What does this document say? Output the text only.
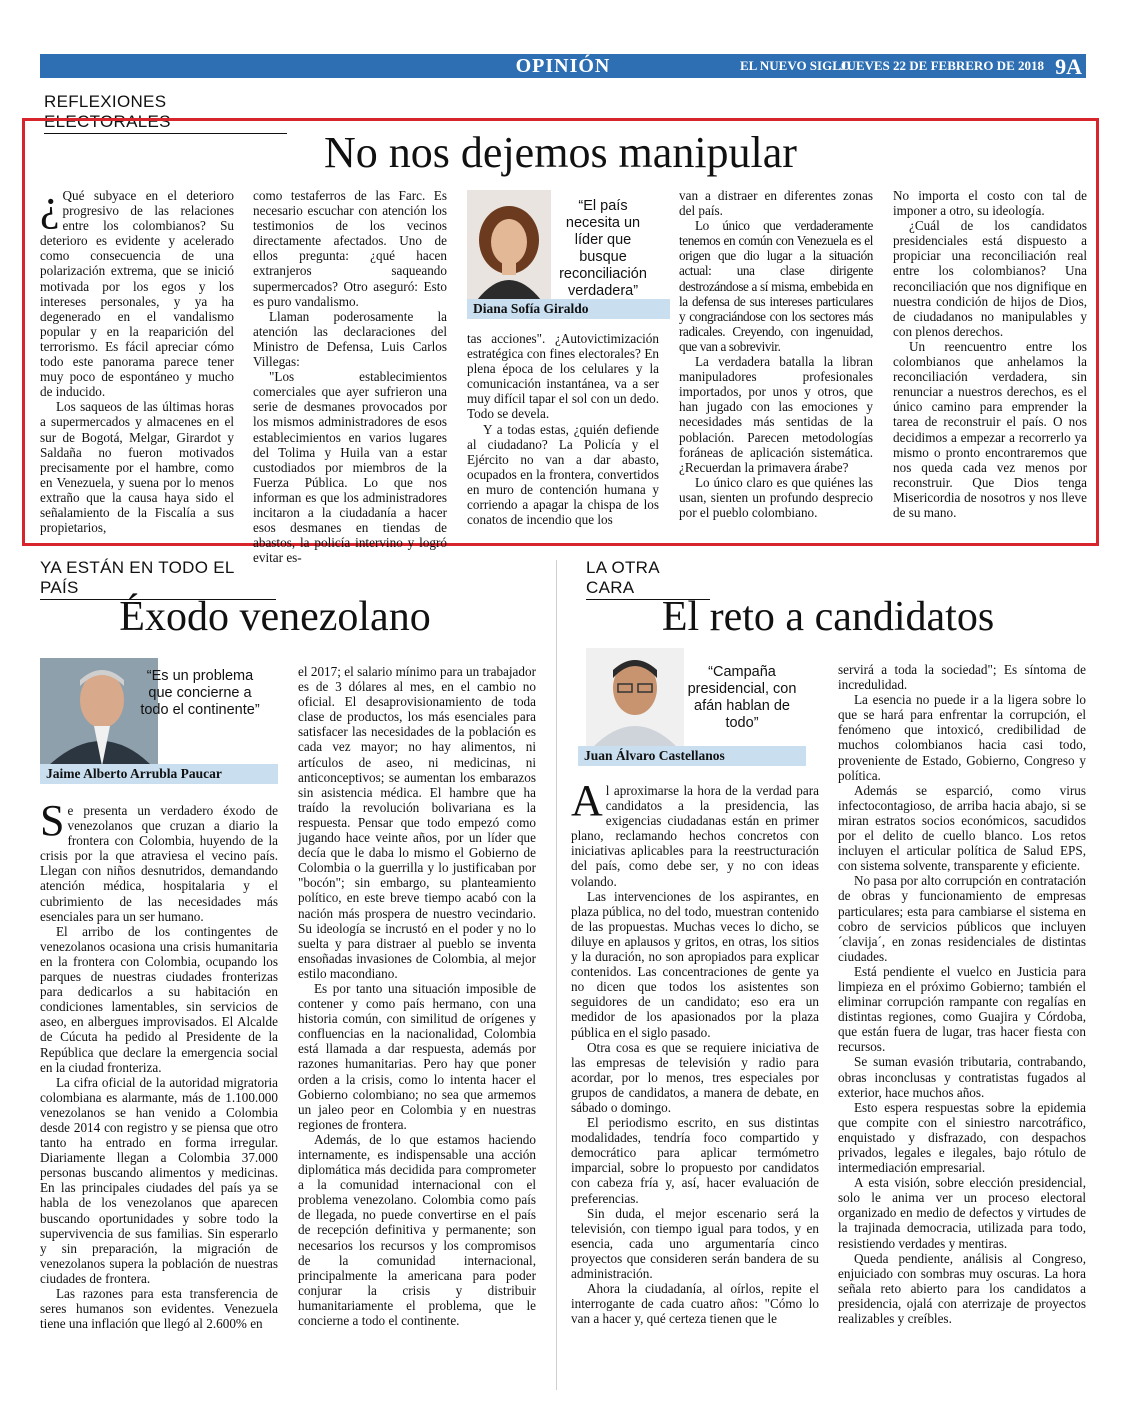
OPINIÓN	EL NUEVO SIGLO
JUEVES 22 DE FEBRERO DE 2018 9A
REFLEXIONES ELECTORALES
No nos dejemos manipular

¿ Qué subyace en el deterioro progresivo de las relaciones entre los colombianos? Su deterioro es evidente y acelerado como consecuencia de una polarización extrema, que se inició motivada por los egos y los intereses personales, y ya ha degenerado en el vandalismo popular y en la reaparición del terrorismo. Es fácil apreciar cómo todo este panorama parece tener muy poco de espontáneo y mucho de inducido.

Los saqueos de las últimas horas a supermercados y almacenes en el sur de Bogotá, Melgar, Girardot y Saldaña no fueron motivados precisamente por el hambre, como en Venezuela, y suena por lo menos extraño que la causa haya sido el señalamiento de la Fiscalía a sus propietarios,

como testaferros de las Farc. Es necesario escuchar con atención los testimonios de los vecinos directamente afectados. Uno de ellos pregunta: ¿qué hacen extranjeros saqueando supermercados? Otro aseguró: Esto es puro vandalismo.

Llaman poderosamente la atención las declaraciones del Ministro de Defensa, Luis Carlos Villegas:

"Los establecimientos comerciales que ayer sufrieron una serie de desmanes provocados por los mismos administradores de esos establecimientos en varios lugares del Tolima y Huila van a estar custodiados por miembros de la Fuerza Pública. Lo que nos informan es que los administradores incitaron a la ciudadanía a hacer esos desmanes en tiendas de abastos, la policía intervino y logró evitar es-

“El país necesita un líder que busque reconciliación verdadera”
Diana Sofía Giraldo

tas acciones". ¿Autovictimización estratégica con fines electorales? En plena época de los celulares y la comunicación instantánea, va a ser muy difícil tapar el sol con un dedo. Todo se devela.

Y a todas estas, ¿quién defiende al ciudadano? La Policía y el Ejército no van a dar abasto, ocupados en la frontera, convertidos en muro de contención humana y corriendo a apagar la chispa de los conatos de incendio que los

van a distraer en diferentes zonas del país.

Lo único que verdaderamente tenemos en común con Venezuela es el origen que dio lugar a la situación actual: una clase dirigente destrozándose a sí misma, embebida en la defensa de sus intereses particulares y congraciándose con los sectores más radicales. Creyendo, con ingenuidad, que van a sobrevivir.

La verdadera batalla la libran manipuladores profesionales importados, por unos y otros, que han jugado con las emociones y necesidades más sentidas de la población. Parecen metodologías foráneas de aplicación sistemática. ¿Recuerdan la primavera árabe?

Lo único claro es que quiénes las usan, sienten un profundo desprecio por el pueblo colombiano.

No importa el costo con tal de imponer a otro, su ideología.

¿Cuál de los candidatos presidenciales está dispuesto a propiciar una reconciliación real entre los colombianos? Una reconciliación que nos dignifique en nuestra condición de hijos de Dios, de ciudadanos no manipulables y con plenos derechos.

Un reencuentro entre los colombianos que anhelamos la reconciliación verdadera, sin renunciar a nuestros derechos, es el único camino para emprender la tarea de reconstruir el país. O nos decidimos a empezar a recorrerlo ya mismo o pronto encontraremos que nos queda cada vez menos por reconstruir. Que Dios tenga Misericordia de nosotros y nos lleve de su mano.

YA ESTÁN EN TODO EL PAÍS
Éxodo venezolano
“Es un problema que concierne a todo el continente”
Jaime Alberto Arrubla Paucar

Se presenta un verdadero éxodo de venezolanos que cruzan a diario la frontera con Colombia, huyendo de la crisis por la que atraviesa el vecino país. Llegan con niños desnutridos, demandando atención médica, hospitalaria y el cubrimiento de las necesidades más esenciales para un ser humano.

El arribo de los contingentes de venezolanos ocasiona una crisis humanitaria en la frontera con Colombia, ocupando los parques de nuestras ciudades fronterizas para dedicarlos a su habitación en condiciones lamentables, sin servicios de aseo, en albergues improvisados. El Alcalde de Cúcuta ha pedido al Presidente de la República que declare la emergencia social en la ciudad fronteriza.

La cifra oficial de la autoridad migratoria colombiana es alarmante, más de 1.100.000 venezolanos se han venido a Colombia desde 2014 con registro y se piensa que otro tanto ha entrado en forma irregular. Diariamente llegan a Colombia 37.000 personas buscando alimentos y medicinas. En las principales ciudades del país ya se habla de los venezolanos que aparecen buscando oportunidades y sobre todo la supervivencia de sus familias. Sin esperarlo y sin preparación, la migración de venezolanos supera la población de nuestras ciudades de frontera.

Las razones para esta transferencia de seres humanos son evidentes. Venezuela tiene una inflación que llegó al 2.600% en

el 2017; el salario mínimo para un trabajador es de 3 dólares al mes, en el cambio no oficial. El desaprovisionamiento de toda clase de productos, los más esenciales para satisfacer las necesidades de la población es cada vez mayor; no hay alimentos, ni artículos de aseo, ni medicinas, ni anticonceptivos; se aumentan los embarazos sin asistencia médica. El hambre que ha traído la revolución bolivariana es la respuesta. Pensar que todo empezó como jugando hace veinte años, por un líder que decía que le daba lo mismo el Gobierno de Colombia o la guerrilla y lo justificaban por "bocón"; sin embargo, su planteamiento político, en este breve tiempo acabó con la nación más prospera de nuestro vecindario. Su ideología se incrustó en el poder y no lo suelta y para distraer al pueblo se inventa ensoñadas invasiones de Colombia, al mejor estilo macondiano.

Es por tanto una situación imposible de contener y como país hermano, con una historia común, con similitud de orígenes y confluencias en la nacionalidad, Colombia está llamada a dar respuesta, además por razones humanitarias. Pero hay que poner orden a la crisis, como lo intenta hacer el Gobierno colombiano; no sea que armemos un jaleo peor en Colombia y en nuestras regiones de frontera.

Además, de lo que estamos haciendo internamente, es indispensable una acción diplomática más decidida para comprometer a la comunidad internacional con el problema venezolano. Colombia como país de llegada, no puede convertirse en el país de recepción definitiva y permanente; son necesarios los recursos y los compromisos de la comunidad internacional, principalmente la americana para poder conjurar la crisis y distribuir humanitariamente el problema, que le concierne a todo el continente.

LA OTRA CARA
El reto a candidatos
“Campaña presidencial, con afán hablan de todo”
Juan Álvaro Castellanos

Al aproximarse la hora de la verdad para candidatos a la presidencia, las exigencias ciudadanas están en primer plano, reclamando hechos concretos con iniciativas aplicables para la reestructuración del país, como debe ser, y no con ideas volando.

Las intervenciones de los aspirantes, en plaza pública, no del todo, muestran contenido de las propuestas. Muchas veces lo dicho, se diluye en aplausos y gritos, en otras, los sitios y la duración, no son apropiados para explicar contenidos. Las concentraciones de gente ya no dicen que todos los asistentes son seguidores de un candidato; eso era un medidor de los apasionados por la plaza pública en el siglo pasado.

Otra cosa es que se requiere iniciativa de las empresas de televisión y radio para acordar, por lo menos, tres especiales por grupos de candidatos, a manera de debate, en sábado o domingo.

El periodismo escrito, en sus distintas modalidades, tendría foco compartido y democrático para aplicar termómetro imparcial, sobre lo propuesto por candidatos con cabeza fría y, así, hacer evaluación de preferencias.

Sin duda, el mejor escenario será la televisión, con tiempo igual para todos, y en esencia, cada uno argumentaría cinco proyectos que consideren serán bandera de su administración.

Ahora la ciudadanía, al oírlos, repite el interrogante de cada cuatro años: "Cómo lo van a hacer y, qué certeza tienen que le

servirá a toda la sociedad"; Es síntoma de incredulidad.

La esencia no puede ir a la ligera sobre lo que se hará para enfrentar la corrupción, el fenómeno que intoxicó, credibilidad de muchos colombianos hacia casi todo, proveniente de Estado, Gobierno, Congreso y política.

Además se esparció, como virus infectocontagioso, de arriba hacia abajo, si se miran estratos socios económicos, sacudidos por el delito de cuello blanco. Los retos incluyen el articular política de Salud EPS, con sistema solvente, transparente y eficiente.

No pasa por alto corrupción en contratación de obras y funcionamiento de empresas particulares; esta para cambiarse el sistema en cobro de servicios públicos que incluyen ´clavija´, en zonas residenciales de distintas ciudades.

Está pendiente el vuelco en Justicia para limpieza en el próximo Gobierno; también el eliminar corrupción rampante con regalías en distintas regiones, como Guajira y Córdoba, que están fuera de lugar, tras hacer fiesta con recursos.

Se suman evasión tributaria, contrabando, obras inconclusas y contratistas fugados al exterior, hace muchos años.

Esto espera respuestas sobre la epidemia que compite con el siniestro narcotráfico, enquistado y disfrazado, con despachos privados, legales e ilegales, bajo rótulo de intermediación empresarial.

A esta visión, sobre elección presidencial, solo le anima ver un proceso electoral organizado en medio de defectos y virtudes de la trajinada democracia, utilizada para todo, resistiendo verdades y mentiras.

Queda pendiente, análisis al Congreso, enjuiciado con sombras muy oscuras. La hora señala reto abierto para los candidatos a presidencia, ojalá con aterrizaje de proyectos realizables y creíbles.
